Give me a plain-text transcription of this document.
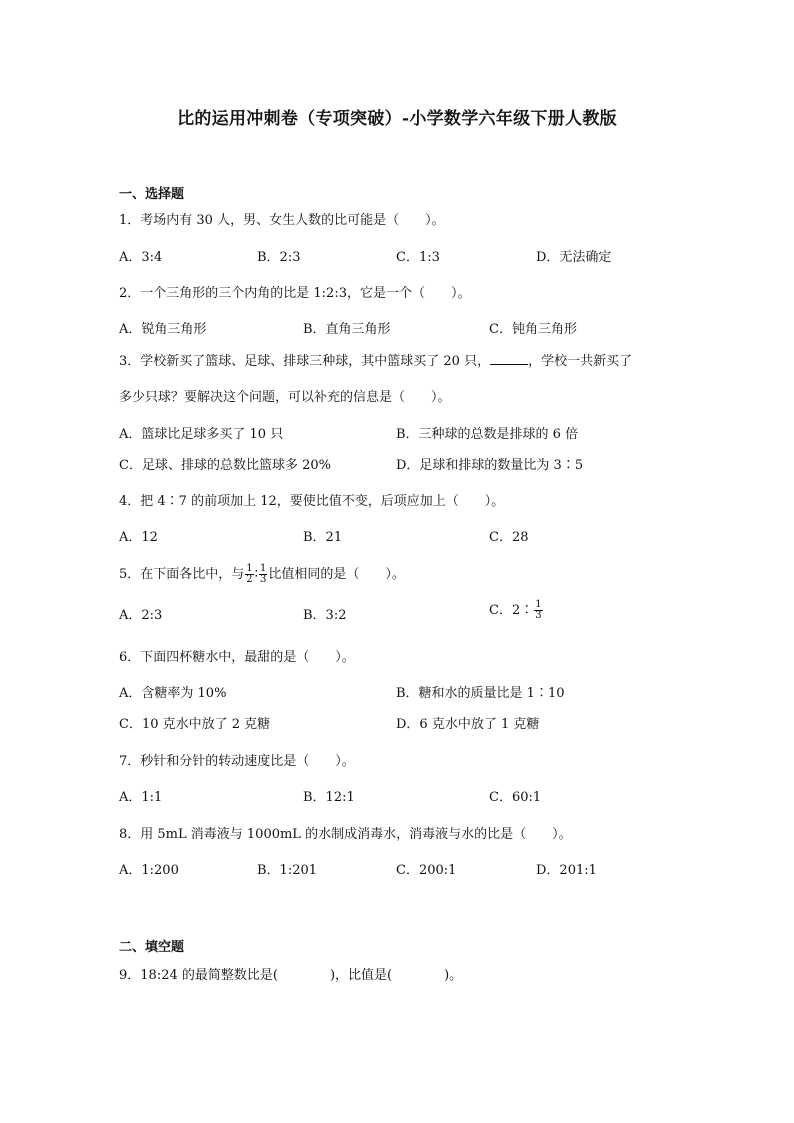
比的运用冲刺卷（专项突破）-小学数学六年级下册人教版
一、选择题
1．考场内有 30 人，男、女生人数的比可能是（　　）。
A．3:4	B．2:3	C．1:3	D．无法确定
2．一个三角形的三个内角的比是 1:2:3，它是一个（　　）。
A．锐角三角形	B．直角三角形	C．钝角三角形
3．学校新买了篮球、足球、排球三种球，其中篮球买了 20 只，	，学校一共新买了
多少只球？要解决这个问题，可以补充的信息是（　　）。
A．篮球比足球多买了 10 只	B．三种球的总数是排球的 6 倍
C．足球、排球的总数比篮球多 20%	D．足球和排球的数量比为 3∶5
4．把 4∶7 的前项加上 12，要使比值不变，后项应加上（　　）。
A．12	B．21	C．28
5．在下面各比中，与 $\frac{1}{2}$ ∶ $\frac{1}{3}$ 比值相同的是（　　）。
A．2:3	B．3:2	C．2∶ $\frac{1}{3}$
6．下面四杯糖水中，最甜的是（　　）。
A．含糖率为 10%	B．糖和水的质量比是 1∶10
C．10 克水中放了 2 克糖	D．6 克水中放了 1 克糖
7．秒针和分针的转动速度比是（　　）。
A．1:1	B．12:1	C．60:1
8．用 5mL 消毒液与 1000mL 的水制成消毒水，消毒液与水的比是（　　）。
A．1:200	B．1:201	C．200:1	D．201:1
二、填空题
9．18:24 的最简整数比是(　　　　)，比值是(　　　　)。
